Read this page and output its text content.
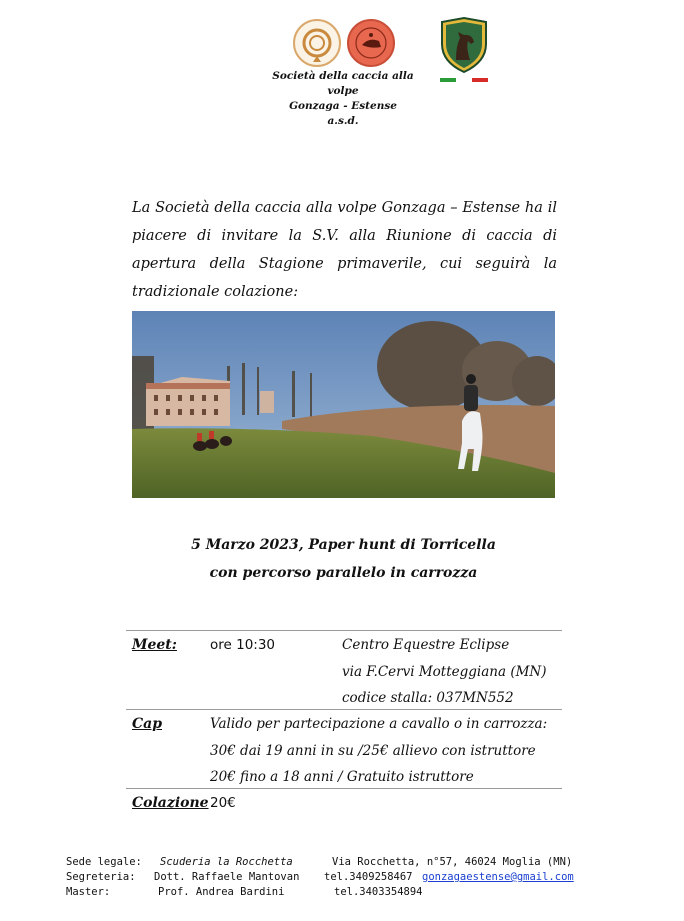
Società della caccia alla volpe
Gonzaga - Estense
a.s.d.
La Società della caccia alla volpe Gonzaga – Estense ha il piacere di invitare la S.V. alla Riunione di caccia di apertura della Stagione primaverile, cui seguirà la tradizionale colazione:
5 Marzo 2023, Paper hunt di Torricella
con percorso parallelo in carrozza
Meet: ore 10:30	Centro Equestre Eclipse
via F.Cervi Motteggiana (MN)
codice stalla: 037MN552
Cap	Valido per partecipazione a cavallo o in carrozza:
30€ dai 19 anni in su /25€ allievo con istruttore
20€ fino a 18 anni / Gratuito istruttore
Colazione 20€
Sede legale: Scuderia la Rocchetta	Via Rocchetta, n°57, 46024 Moglia (MN)
Segreteria: Dott. Raffaele Mantovan tel.3409258467 gonzagaestense@gmail.com
Master:	Prof. Andrea Bardini	tel.3403354894
